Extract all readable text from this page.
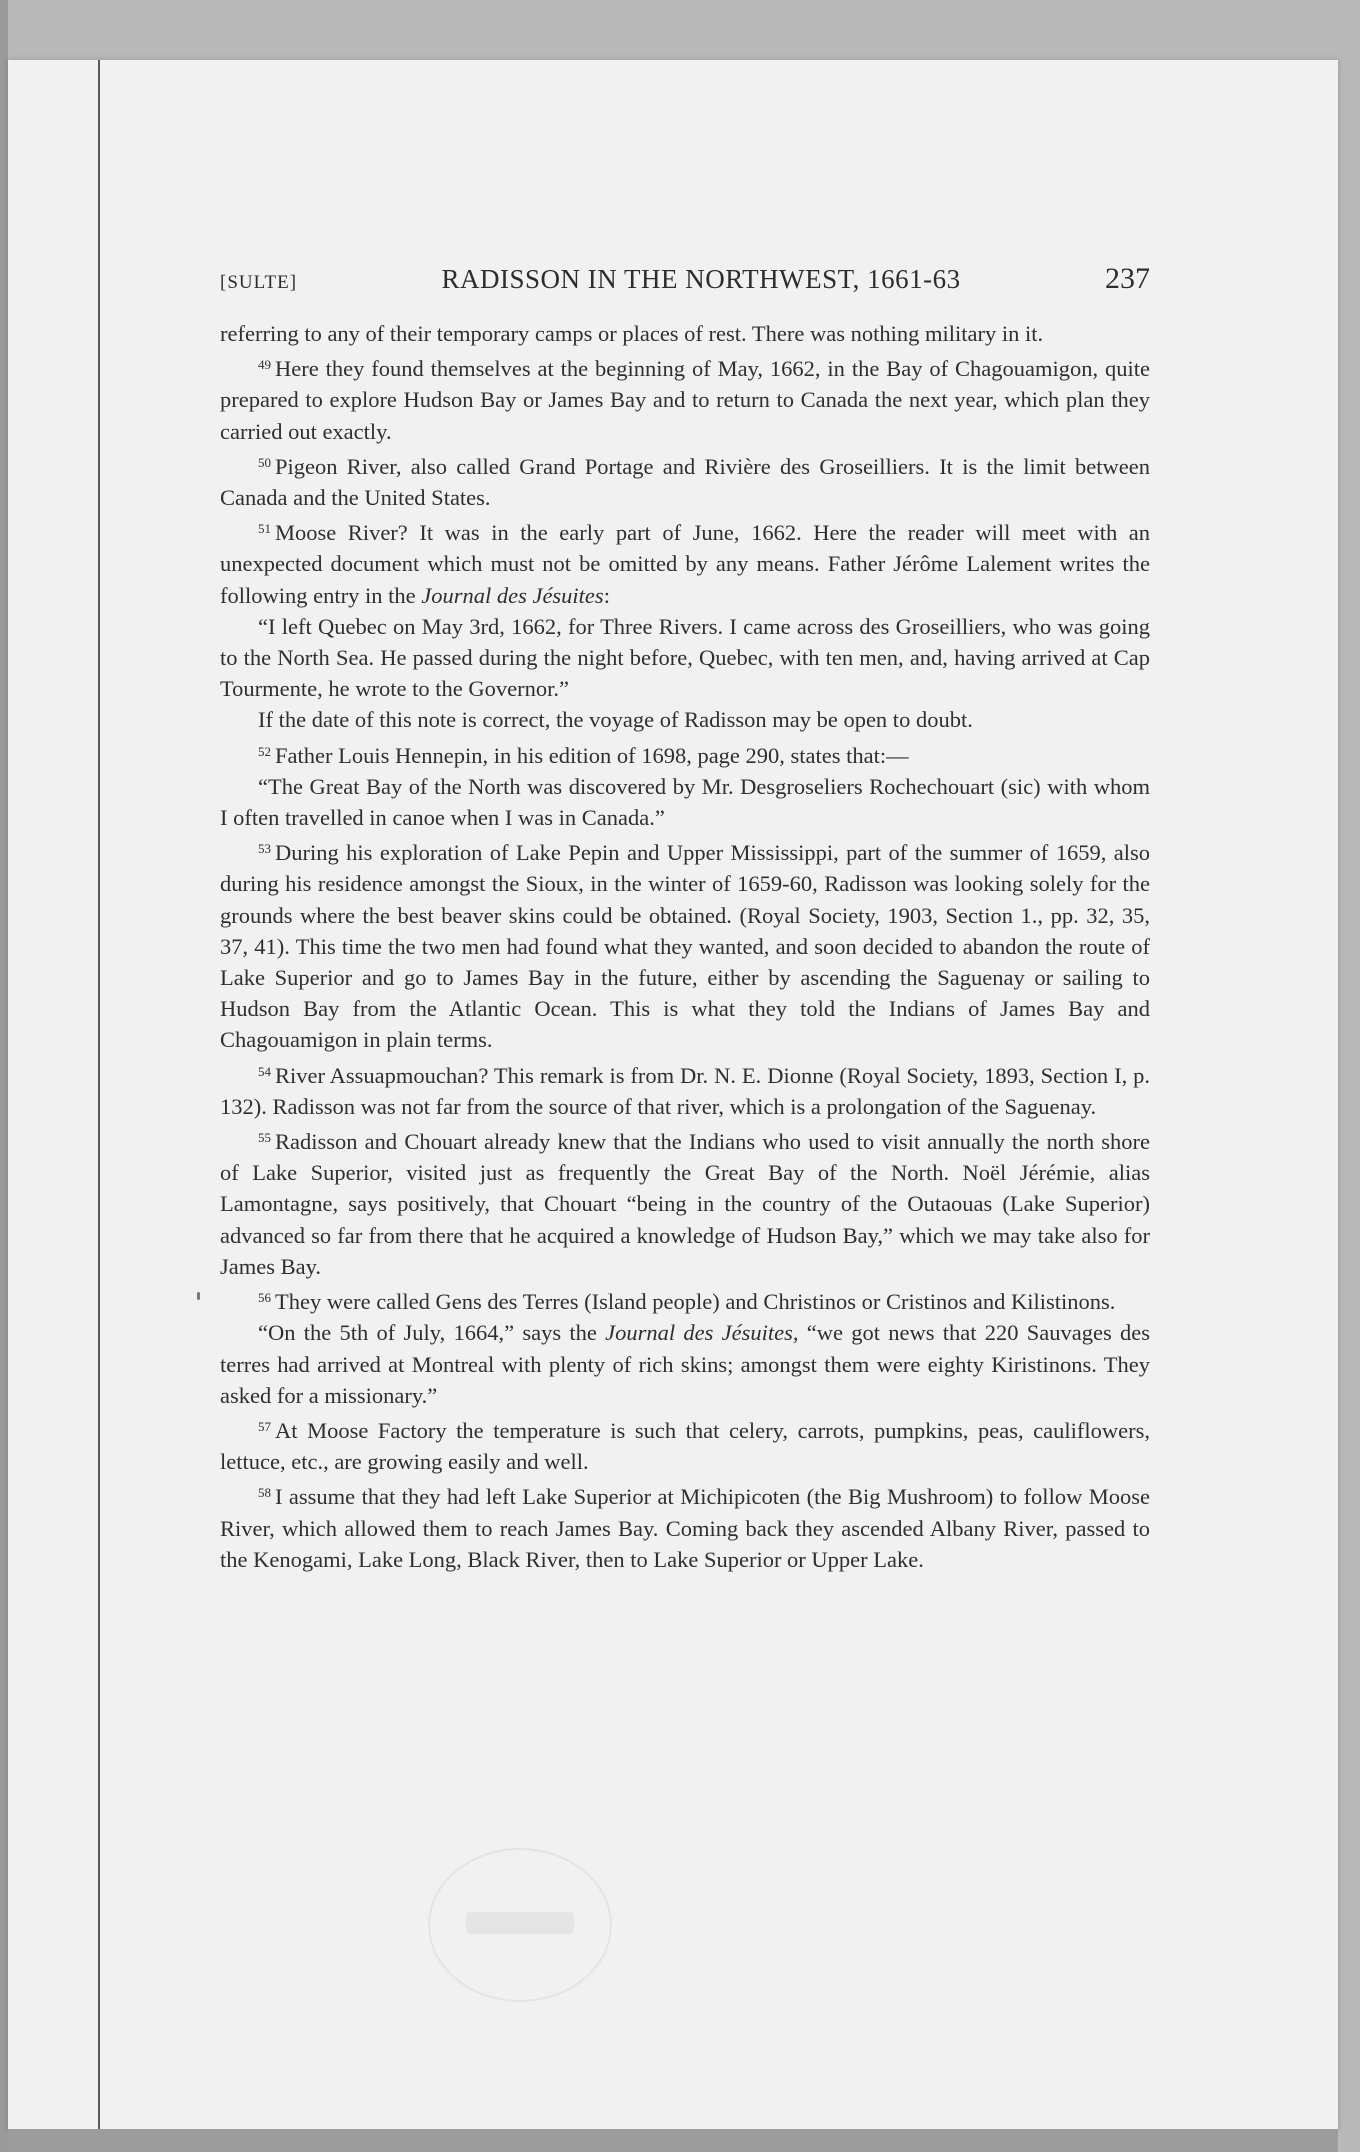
[SULTE]	RADISSON IN THE NORTHWEST, 1661-63	237

referring to any of their temporary camps or places of rest. There was nothing military in it.

$^{49}$ Here they found themselves at the beginning of May, 1662, in the Bay of Chagouamigon, quite prepared to explore Hudson Bay or James Bay and to return to Canada the next year, which plan they carried out exactly.

$^{50}$ Pigeon River, also called Grand Portage and Rivière des Groseilliers. It is the limit between Canada and the United States.

$^{51}$ Moose River? It was in the early part of June, 1662. Here the reader will meet with an unexpected document which must not be omitted by any means. Father Jérôme Lalement writes the following entry in the Journal des Jésuites:

“I left Quebec on May 3rd, 1662, for Three Rivers. I came across des Groseilliers, who was going to the North Sea. He passed during the night before, Quebec, with ten men, and, having arrived at Cap Tourmente, he wrote to the Governor.”

If the date of this note is correct, the voyage of Radisson may be open to doubt.

$^{52}$ Father Louis Hennepin, in his edition of 1698, page 290, states that:—

“The Great Bay of the North was discovered by Mr. Desgroseliers Rochechouart (sic) with whom I often travelled in canoe when I was in Canada.”

$^{53}$ During his exploration of Lake Pepin and Upper Mississippi, part of the summer of 1659, also during his residence amongst the Sioux, in the winter of 1659-60, Radisson was looking solely for the grounds where the best beaver skins could be obtained. (Royal Society, 1903, Section 1., pp. 32, 35, 37, 41). This time the two men had found what they wanted, and soon decided to abandon the route of Lake Superior and go to James Bay in the future, either by ascending the Saguenay or sailing to Hudson Bay from the Atlantic Ocean. This is what they told the Indians of James Bay and Chagouamigon in plain terms.

$^{54}$ River Assuapmouchan? This remark is from Dr. N. E. Dionne (Royal Society, 1893, Section I, p. 132). Radisson was not far from the source of that river, which is a prolongation of the Saguenay.

$^{55}$ Radisson and Chouart already knew that the Indians who used to visit annually the north shore of Lake Superior, visited just as frequently the Great Bay of the North. Noël Jérémie, alias Lamontagne, says positively, that Chouart “being in the country of the Outaouas (Lake Superior) advanced so far from there that he acquired a knowledge of Hudson Bay,” which we may take also for James Bay.

$^{56}$ They were called Gens des Terres (Island people) and Christinos or Cristinos and Kilistinons.

“On the 5th of July, 1664,” says the Journal des Jésuites, “we got news that 220 Sauvages des terres had arrived at Montreal with plenty of rich skins; amongst them were eighty Kiristinons. They asked for a missionary.”

$^{57}$ At Moose Factory the temperature is such that celery, carrots, pumpkins, peas, cauliflowers, lettuce, etc., are growing easily and well.

$^{58}$ I assume that they had left Lake Superior at Michipicoten (the Big Mushroom) to follow Moose River, which allowed them to reach James Bay. Coming back they ascended Albany River, passed to the Kenogami, Lake Long, Black River, then to Lake Superior or Upper Lake.
